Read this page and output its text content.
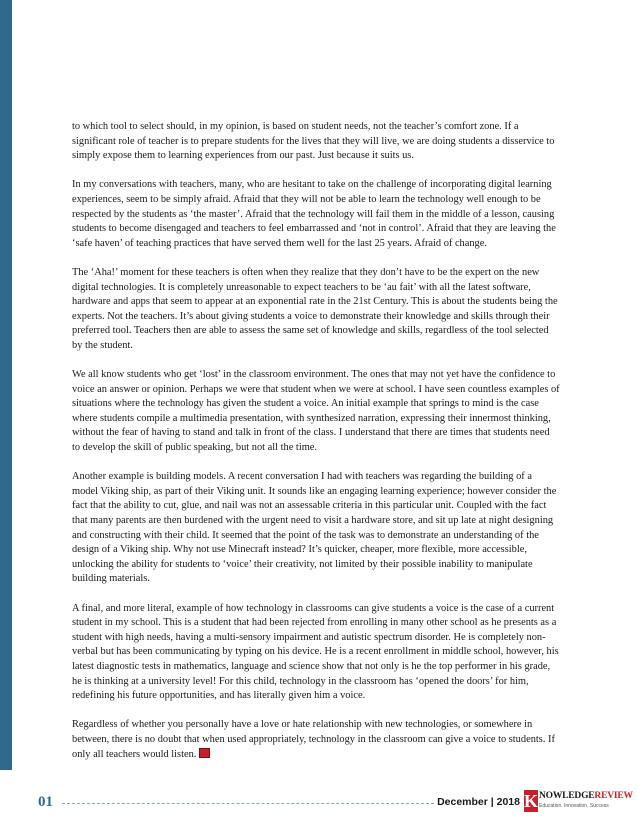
to which tool to select should, in my opinion, is based on student needs, not the teacher’s comfort zone. If a significant role of teacher is to prepare students for the lives that they will live, we are doing students a disservice to simply expose them to learning experiences from our past. Just because it suits us.

In my conversations with teachers, many, who are hesitant to take on the challenge of incorporating digital learning experiences, seem to be simply afraid. Afraid that they will not be able to learn the technology well enough to be respected by the students as ‘the master’. Afraid that the technology will fail them in the middle of a lesson, causing students to become disengaged and teachers to feel embarrassed and ‘not in control’. Afraid that they are leaving the ‘safe haven’ of teaching practices that have served them well for the last 25 years. Afraid of change.

The ‘Aha!’ moment for these teachers is often when they realize that they don’t have to be the expert on the new digital technologies. It is completely unreasonable to expect teachers to be ‘au fait’ with all the latest software, hardware and apps that seem to appear at an exponential rate in the 21st Century. This is about the students being the experts. Not the teachers. It’s about giving students a voice to demonstrate their knowledge and skills through their preferred tool. Teachers then are able to assess the same set of knowledge and skills, regardless of the tool selected by the student.

We all know students who get ‘lost’ in the classroom environment. The ones that may not yet have the confidence to voice an answer or opinion. Perhaps we were that student when we were at school. I have seen countless examples of situations where the technology has given the student a voice. An initial example that springs to mind is the case where students compile a multimedia presentation, with synthesized narration, expressing their innermost thinking, without the fear of having to stand and talk in front of the class. I understand that there are times that students need to develop the skill of public speaking, but not all the time.

Another example is building models. A recent conversation I had with teachers was regarding the building of a model Viking ship, as part of their Viking unit. It sounds like an engaging learning experience; however consider the fact that the ability to cut, glue, and nail was not an assessable criteria in this particular unit. Coupled with the fact that many parents are then burdened with the urgent need to visit a hardware store, and sit up late at night designing and constructing with their child. It seemed that the point of the task was to demonstrate an understanding of the design of a Viking ship. Why not use Minecraft instead? It’s quicker, cheaper, more flexible, more accessible, unlocking the ability for students to ‘voice’ their creativity, not limited by their possible inability to manipulate building materials.

A final, and more literal, example of how technology in classrooms can give students a voice is the case of a current student in my school. This is a student that had been rejected from enrolling in many other school as he presents as a student with high needs, having a multi-sensory impairment and autistic spectrum disorder. He is completely non-verbal but has been communicating by typing on his device. He is a recent enrollment in middle school, however, his latest diagnostic tests in mathematics, language and science show that not only is he the top performer in his grade, he is thinking at a university level! For this child, technology in the classroom has ‘opened the doors’ for him, redefining his future opportunities, and has literally given him a voice.

Regardless of whether you personally have a love or hate relationship with new technologies, or somewhere in between, there is no doubt that when used appropriately, technology in the classroom can give a voice to students. If only all teachers would listen.

01	December | 2018 K NOWLEDGEREVIEW
Education. Innovation. Success
